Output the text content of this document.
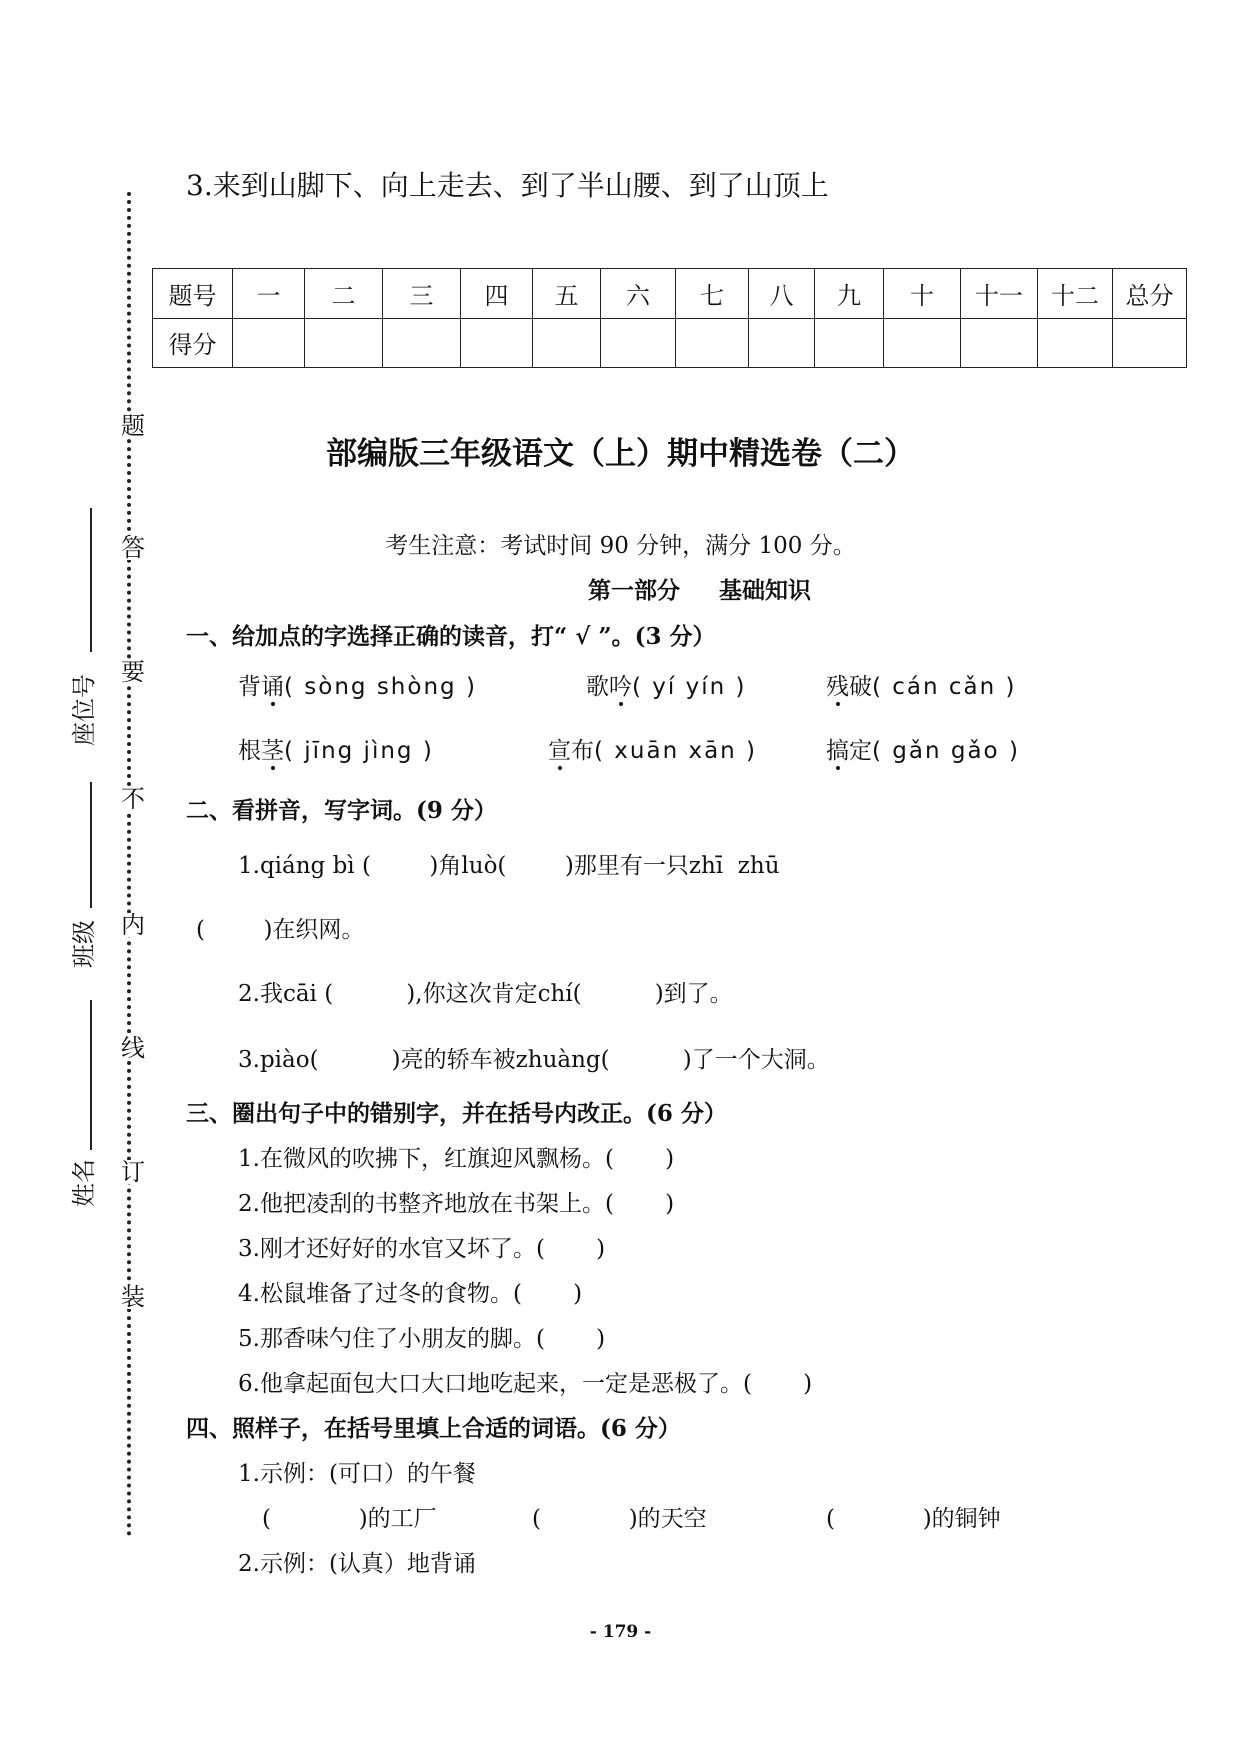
3.来到山脚下、向上走去、到了半山腰、到了山顶上
题
答
要
不
内
线
订
装
座位号
班级
姓名
题号	一	二	三	四	五	六	七	八	九	十	十一	十二	总分
得分													
部编版三年级语文（上）期中精选卷（二）
考生注意：考试时间 90 分钟，满分 100 分。
第一部分　  基础知识
一、给加点的字选择正确的读音，打“ √ ”。(3 分）
背诵( sòng shòng )	歌吟( yí yín )	残破( cán cǎn )
根茎( jīng jìng )	宣布( xuān xān )	搞定( gǎn gǎo )
二、看拼音，写字词。(9 分）
1.qiáng bì (        )角luò(        )那里有一只zhī  zhū
(        )在织网。
2.我cāi (          ),你这次肯定chí(          )到了。
3.piào(          )亮的轿车被zhuàng(          )了一个大洞。
三、圈出句子中的错别字，并在括号内改正。(6 分）
1.在微风的吹拂下，红旗迎风飘杨。(       )
2.他把凌刮的书整齐地放在书架上。(       )
3.刚才还好好的水官又坏了。(       )
4.松鼠堆备了过冬的食物。(       )
5.那香味勺住了小朋友的脚。(       )
6.他拿起面包大口大口地吃起来，一定是恶极了。(       )
四、照样子，在括号里填上合适的词语。(6 分）
1.示例：(可口）的午餐
(            )的工厂	(            )的天空	(            )的铜钟
2.示例：(认真）地背诵
- 179 -
